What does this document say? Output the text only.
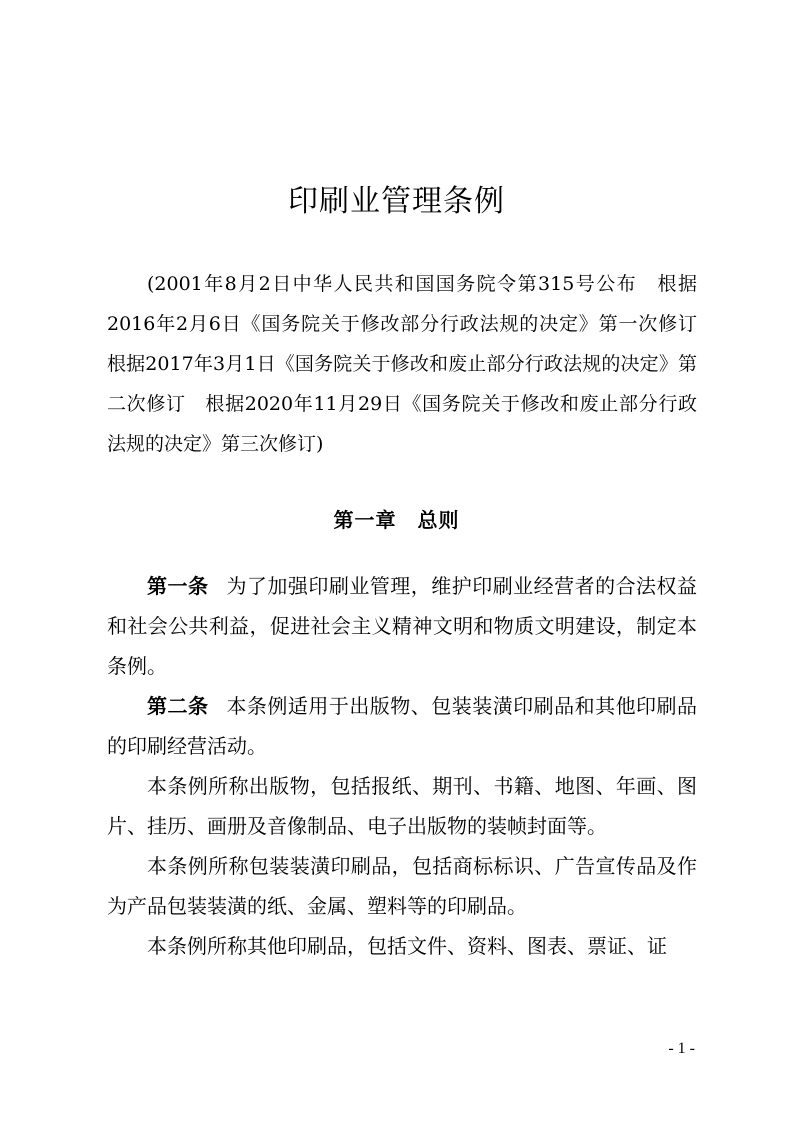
印刷业管理条例
(2001年8月2日中华人民共和国国务院令第315号公布　根据2016年2月6日《国务院关于修改部分行政法规的决定》第一次修订　根据2017年3月1日《国务院关于修改和废止部分行政法规的决定》第二次修订　根据2020年11月29日《国务院关于修改和废止部分行政法规的决定》第三次修订)
第一章　总则

第一条 为了加强印刷业管理，维护印刷业经营者的合法权益和社会公共利益，促进社会主义精神文明和物质文明建设，制定本条例。

第二条 本条例适用于出版物、包装装潢印刷品和其他印刷品的印刷经营活动。

本条例所称出版物，包括报纸、期刊、书籍、地图、年画、图片、挂历、画册及音像制品、电子出版物的装帧封面等。

本条例所称包装装潢印刷品，包括商标标识、广告宣传品及作为产品包装装潢的纸、金属、塑料等的印刷品。

本条例所称其他印刷品，包括文件、资料、图表、票证、证

- 1 -
